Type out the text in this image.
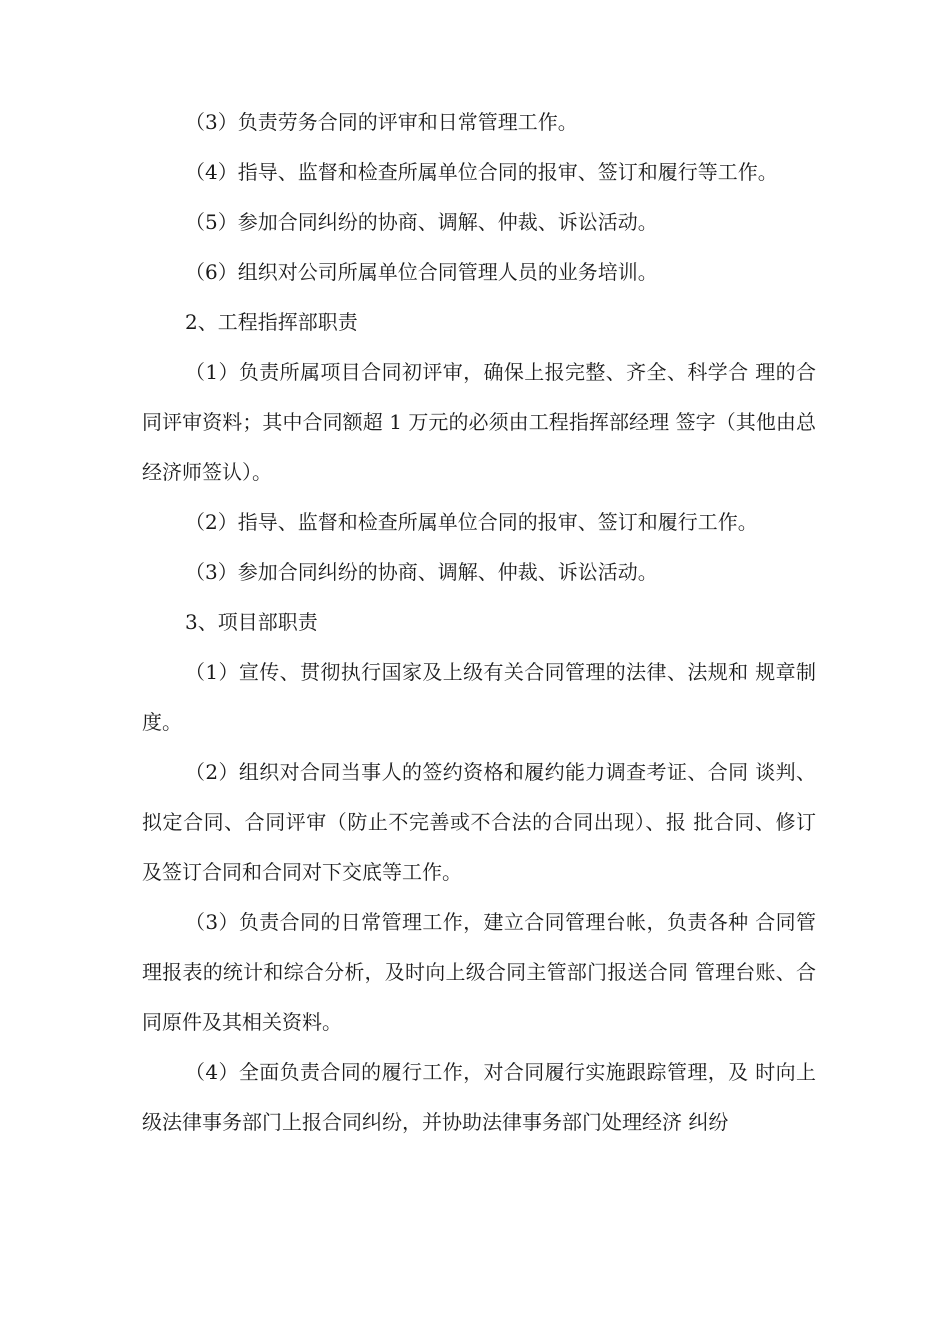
（3）负责劳务合同的评审和日常管理工作。

（4）指导、监督和检查所属单位合同的报审、签订和履行等工作。

（5）参加合同纠纷的协商、调解、仲裁、诉讼活动。

（6）组织对公司所属单位合同管理人员的业务培训。

2、工程指挥部职责

（1）负责所属项目合同初评审，确保上报完整、齐全、科学合 理的合同评审资料；其中合同额超 1 万元的必须由工程指挥部经理 签字（其他由总经济师签认）。

（2）指导、监督和检查所属单位合同的报审、签订和履行工作。

（3）参加合同纠纷的协商、调解、仲裁、诉讼活动。

3、项目部职责

（1）宣传、贯彻执行国家及上级有关合同管理的法律、法规和 规章制度。

（2）组织对合同当事人的签约资格和履约能力调查考证、合同 谈判、拟定合同、合同评审（防止不完善或不合法的合同出现）、报 批合同、修订及签订合同和合同对下交底等工作。

（3）负责合同的日常管理工作，建立合同管理台帐，负责各种 合同管理报表的统计和综合分析，及时向上级合同主管部门报送合同 管理台账、合同原件及其相关资料。

（4）全面负责合同的履行工作，对合同履行实施跟踪管理，及 时向上级法律事务部门上报合同纠纷，并协助法律事务部门处理经济 纠纷
